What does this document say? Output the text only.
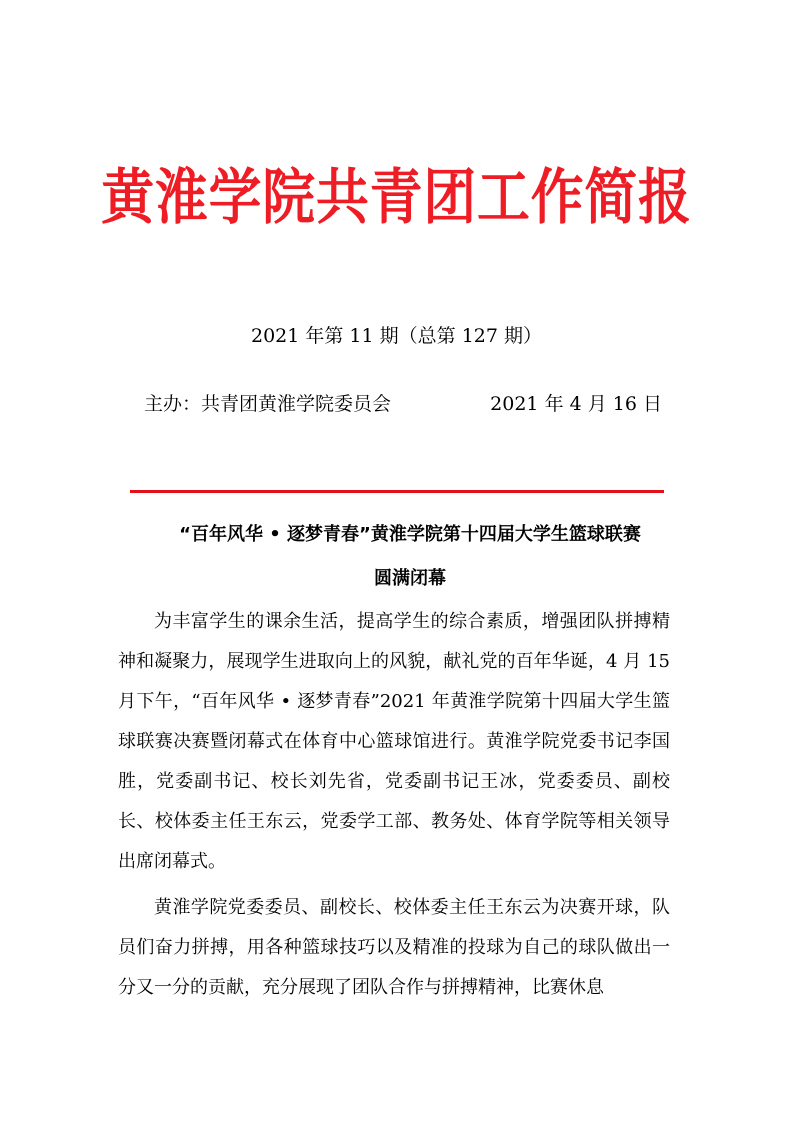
黄淮学院共青团工作简报
2021 年第 11 期（总第 127 期）
主办：共青团黄淮学院委员会	2021 年 4 月 16 日
“百年风华 • 逐梦青春”黄淮学院第十四届大学生篮球联赛
圆满闭幕

为丰富学生的课余生活，提高学生的综合素质，增强团队拼搏精神和凝聚力，展现学生进取向上的风貌，献礼党的百年华诞，4 月 15 月下午，“百年风华 • 逐梦青春”2021 年黄淮学院第十四届大学生篮球联赛决赛暨闭幕式在体育中心篮球馆进行。黄淮学院党委书记李国胜，党委副书记、校长刘先省，党委副书记王冰，党委委员、副校长、校体委主任王东云，党委学工部、教务处、体育学院等相关领导出席闭幕式。

黄淮学院党委委员、副校长、校体委主任王东云为决赛开球，队员们奋力拼搏，用各种篮球技巧以及精准的投球为自己的球队做出一分又一分的贡献，充分展现了团队合作与拼搏精神，比赛休息
